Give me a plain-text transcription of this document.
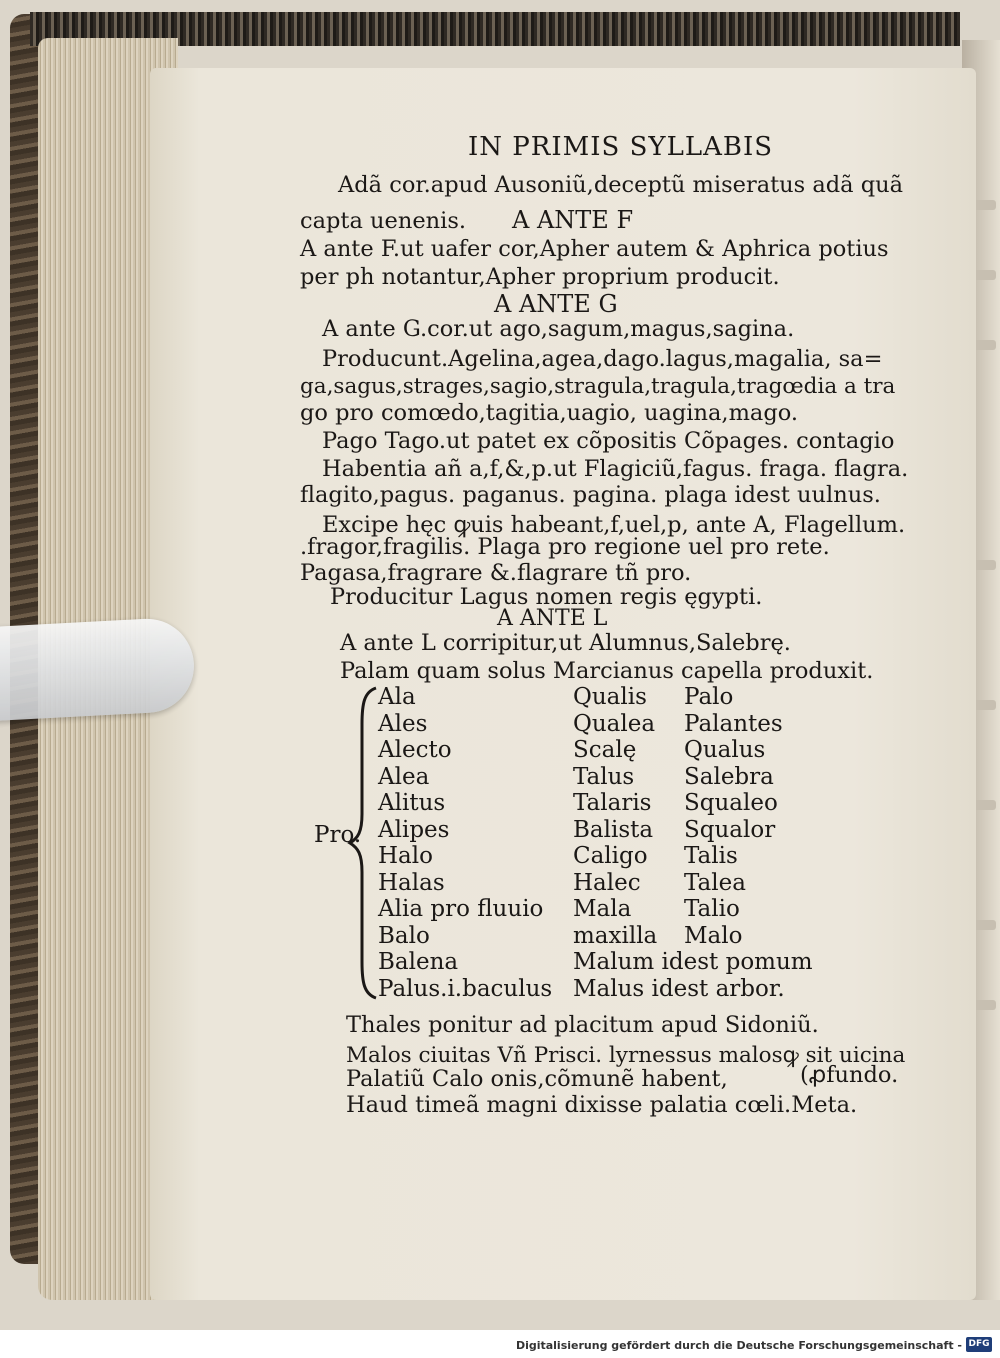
IN PRIMIS SYLLABIS
Adã cor.apud Ausoniũ,deceptũ miseratus adã quã
capta uenenis. A ANTE F
A ante F.ut uafer cor,Apher autem & Aphrica potius
per ph notantur,Apher proprium producit.
A ANTE G
A ante G.cor.ut ago,sagum,magus,sagina.
Producunt.Agelina,agea,dago.lagus,magalia, sa=
ga,sagus,strages,sagio,stragula,tragula,tragœdia a tra
go pro comœdo,tagitia,uagio, uagina,mago.
Pago Tago.ut patet ex cõpositis Cõpages. contagio
Habentia añ a,f,&,p.ut Flagiciũ,fagus. fraga. flagra.
flagito,pagus. paganus. pagina. plaga idest uulnus.
Excipe hęc ꝙuis habeant,f,uel,p, ante A, Flagellum.
.fragor,fragilis. Plaga pro regione uel pro rete.
Pagasa,fragrare &.flagrare tñ pro.
Producitur Lagus nomen regis ęgypti.
A ANTE L
A ante L corripitur,ut Alumnus,Salebrę.
Palam quam solus Marcianus capella produxit.
Pro.
Ala
Ales
Alecto
Alea
Alitus
Alipes
Halo
Halas
Alia pro fluuio
Balo
Balena
Palus.i.baculus
Qualis
Qualea
Scalę
Talus
Talaris
Balista
Caligo
Halec
Mala
maxilla
Malum idest pomum
Malus idest arbor.
Palo
Palantes
Qualus
Salebra
Squaleo
Squalor
Talis
Talea
Talio
Malo
Thales ponitur ad placitum apud Sidoniũ.
Malos ciuitas Vñ Prisci. lyrnessus malosꝙ sit uicina
Palatiũ Calo onis,cõmunẽ habent,	(ꝓfundo.
Haud timeã magni dixisse palatia cœli.Meta.
Digitalisierung gefördert durch die Deutsche Forschungsgemeinschaft - DFG
